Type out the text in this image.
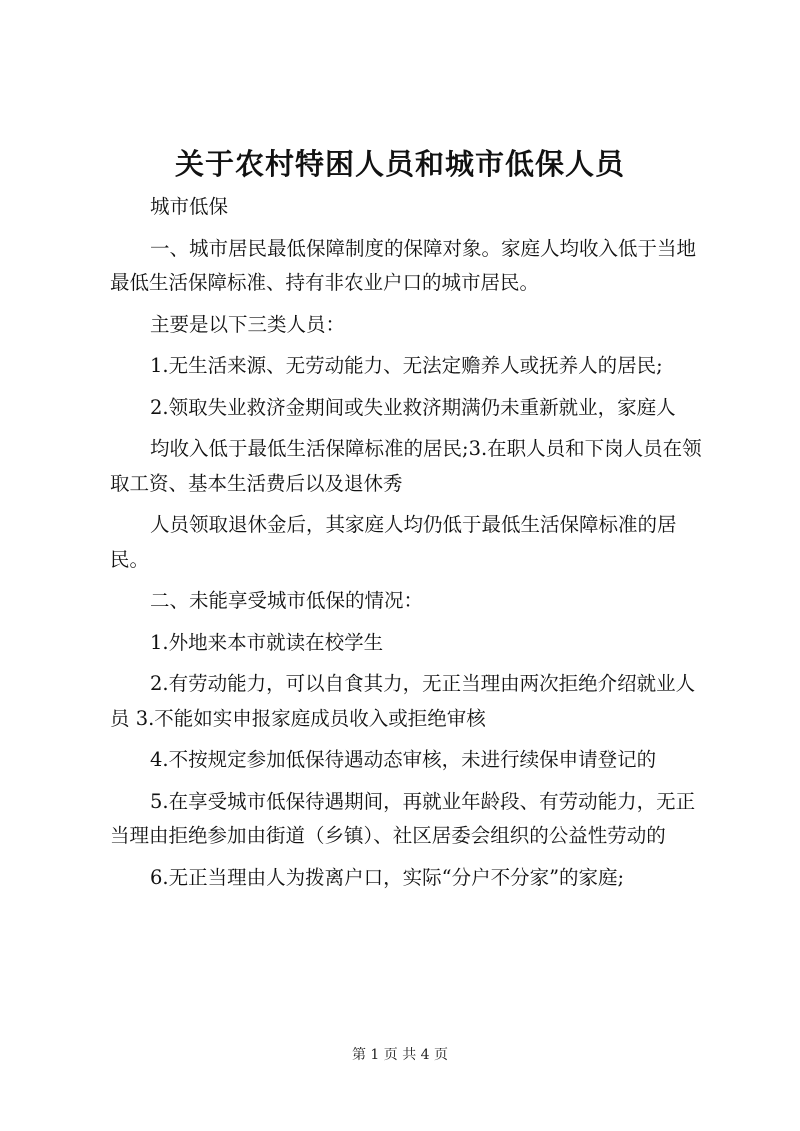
关于农村特困人员和城市低保人员

城市低保

一、城市居民最低保障制度的保障对象。家庭人均收入低于当地最低生活保障标准、持有非农业户口的城市居民。

主要是以下三类人员：

1.无生活来源、无劳动能力、无法定赡养人或抚养人的居民;

2.领取失业救济金期间或失业救济期满仍未重新就业，家庭人

均收入低于最低生活保障标准的居民;3.在职人员和下岗人员在领取工资、基本生活费后以及退休秀

人员领取退休金后，其家庭人均仍低于最低生活保障标准的居民。

二、未能享受城市低保的情况：

1.外地来本市就读在校学生

2.有劳动能力，可以自食其力，无正当理由两次拒绝介绍就业人员 3.不能如实申报家庭成员收入或拒绝审核

4.不按规定参加低保待遇动态审核，未进行续保申请登记的

5.在享受城市低保待遇期间，再就业年龄段、有劳动能力，无正当理由拒绝参加由街道（乡镇）、社区居委会组织的公益性劳动的

6.无正当理由人为拨离户口，实际“分户不分家”的家庭;

第 1 页 共 4 页
